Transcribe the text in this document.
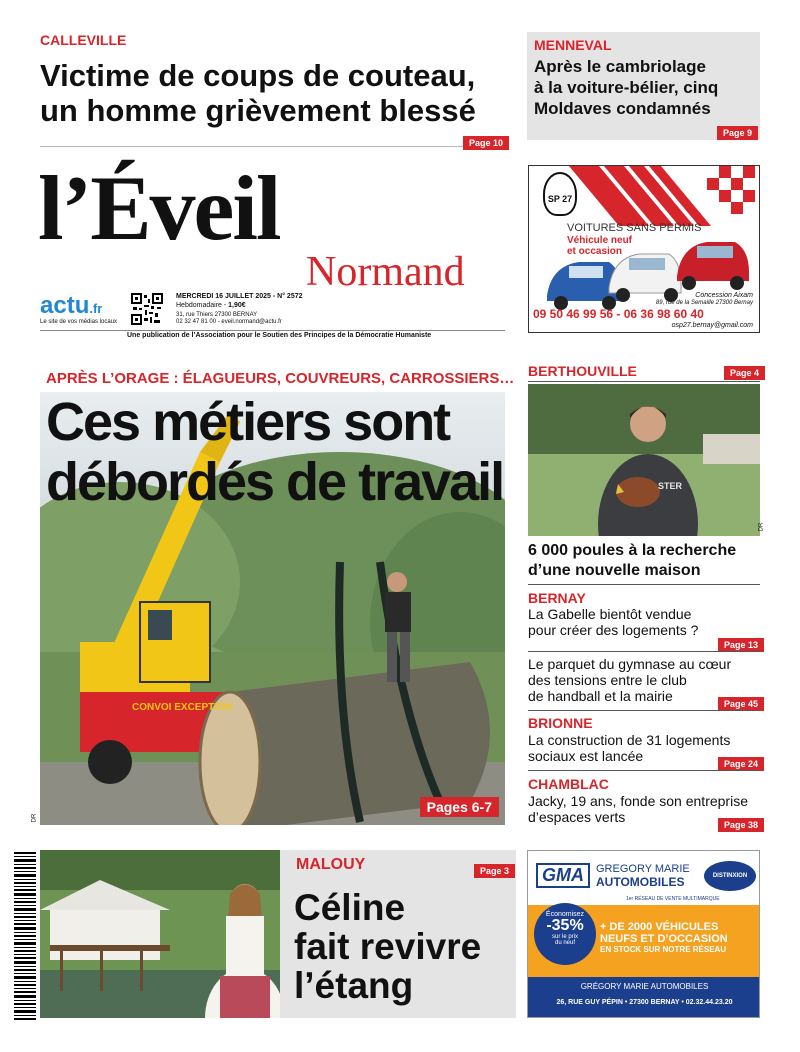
CALLEVILLE
Victime de coups de couteau,
un homme grièvement blessé
Page 10
MENNEVAL
Après le cambriolage
à la voiture-bélier, cinq
Moldaves condamnés
Page 9
l’Éveil
Normand
actu.fr
Le site de vos médias locaux
MERCREDI 16 JUILLET 2025 - N° 2572
Hebdomadaire - 1,90€
31, rue Thiers 27300 BERNAY
02 32 47 81 00 - eveil.normand@actu.fr
Une publication de l’Association pour le Soutien des Principes de la Démocratie Humaniste
SP 27
VOITURES SANS PERMIS
Véhicule neuf
et occasion
Concession Aixam
89, rue de la Semaille 27300 Bernay
09 50 46 99 56 - 06 36 98 60 40
osp27.bernay@gmail.com
APRÈS L’ORAGE : ÉLAGUEURS, COUVREURS, CARROSSIERS…
CONVOI EXCEPTION
Ces métiers sont
débordés de travail
Pages 6-7
DR
BERTHOUVILLE	Page 4
STER
DR
6 000 poules à la recherche
d’une nouvelle maison
BERNAY
La Gabelle bientôt vendue
pour créer des logements ?
Page 13
Le parquet du gymnase au cœur
des tensions entre le club
de handball et la mairie	Page 45
BRIONNE
La construction de 31 logements
sociaux est lancée	Page 24
CHAMBLAC
Jacky, 19 ans, fonde son entreprise
d’espaces verts	Page 38
MALOUY	Page 3
Céline
fait revivre
l’étang
GMA	GREGORY MARIE
AUTOMOBILES	DISTINXION
1er RÉSEAU DE VENTE MULTIMARQUE
Économisez
-35%
sur le prix
du neuf
+ DE 2000 VÉHICULES
NEUFS ET D’OCCASION
EN STOCK SUR NOTRE RÉSEAU
GRÉGORY MARIE AUTOMOBILES
26, RUE GUY PÉPIN • 27300 BERNAY • 02.32.44.23.20
